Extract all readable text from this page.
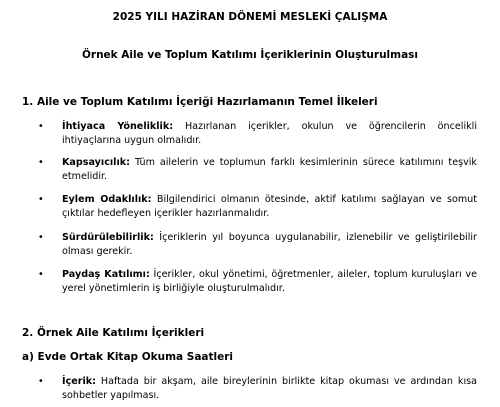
2025 YILI HAZİRAN DÖNEMİ MESLEKİ ÇALIŞMA
Örnek Aile ve Toplum Katılımı İçeriklerinin Oluşturulması
1. Aile ve Toplum Katılımı İçeriği Hazırlamanın Temel İlkeleri
• İhtiyaca Yöneliklik: Hazırlanan içerikler, okulun ve öğrencilerin öncelikli ihtiyaçlarına uygun olmalıdır.
• Kapsayıcılık: Tüm ailelerin ve toplumun farklı kesimlerinin sürece katılımını teşvik etmelidir.
• Eylem Odaklılık: Bilgilendirici olmanın ötesinde, aktif katılımı sağlayan ve somut çıktılar hedefleyen içerikler hazırlanmalıdır.
• Sürdürülebilirlik: İçeriklerin yıl boyunca uygulanabilir, izlenebilir ve geliştirilebilir olması gerekir.
• Paydaş Katılımı: İçerikler, okul yönetimi, öğretmenler, aileler, toplum kuruluşları ve yerel yönetimlerin iş birliğiyle oluşturulmalıdır.
2. Örnek Aile Katılımı İçerikleri
a) Evde Ortak Kitap Okuma Saatleri
• İçerik: Haftada bir akşam, aile bireylerinin birlikte kitap okuması ve ardından kısa sohbetler yapılması.
